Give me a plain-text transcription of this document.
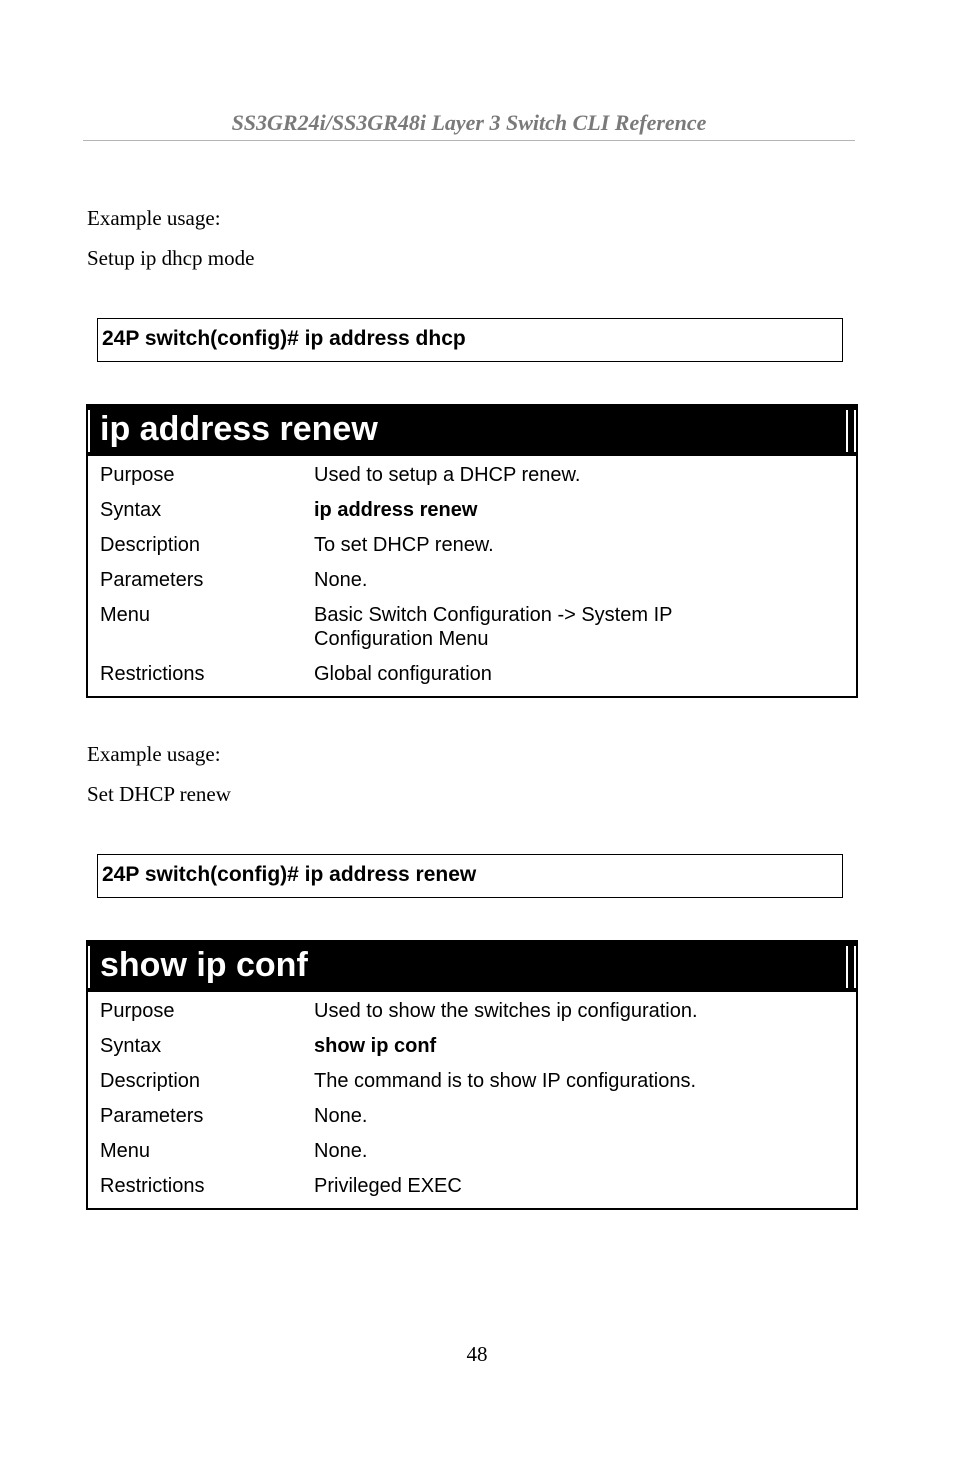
SS3GR24i/SS3GR48i Layer 3 Switch CLI Reference
Example usage:
Setup ip dhcp mode
24P switch(config)# ip address dhcp
ip address renew
Purpose	Used to setup a DHCP renew.
Syntax	ip address renew
Description	To set DHCP renew.
Parameters	None.
Menu	Basic Switch Configuration -> System IP Configuration Menu
Restrictions	Global configuration
Example usage:
Set DHCP renew
24P switch(config)# ip address renew
show ip conf
Purpose	Used to show the switches ip configuration.
Syntax	show ip conf
Description	The command is to show IP configurations.
Parameters	None.
Menu	None.
Restrictions	Privileged EXEC
48
